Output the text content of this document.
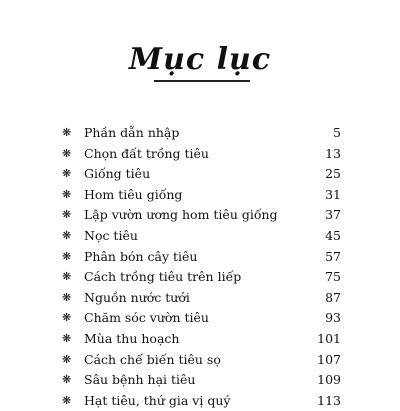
Mục lục
❋	Phần dẫn nhập	5
❋	Chọn đất trồng tiêu	13
❋	Giống tiêu	25
❋	Hom tiêu giống	31
❋	Lập vườn ương hom tiêu giống	37
❋	Nọc tiêu	45
❋	Phân bón cây tiêu	57
❋	Cách trồng tiêu trên liếp	75
❋	Nguồn nước tưới	87
❋	Chăm sóc vườn tiêu	93
❋	Mùa thu hoạch	101
❋	Cách chế biến tiêu sọ	107
❋	Sâu bệnh hại tiêu	109
❋	Hạt tiêu, thứ gia vị quý	113
